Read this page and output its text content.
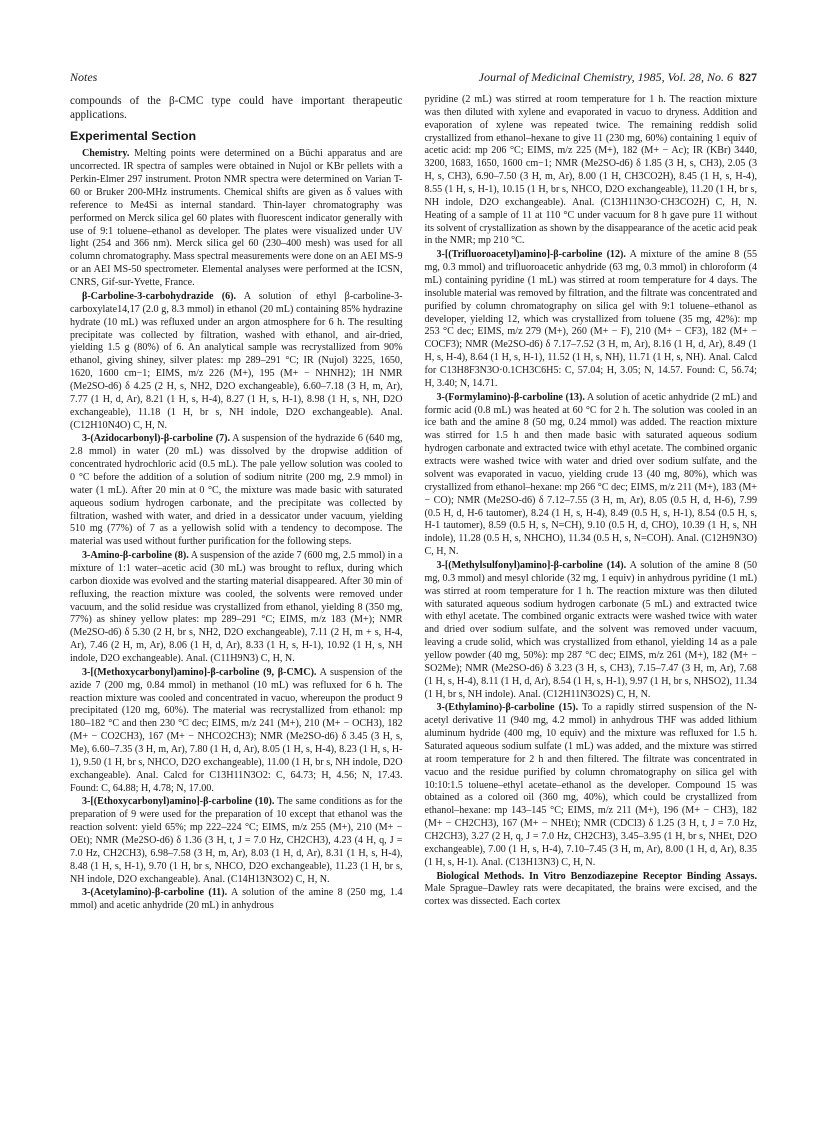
Notes	Journal of Medicinal Chemistry, 1985, Vol. 28, No. 6 827

compounds of the β-CMC type could have important therapeutic applications.

Experimental Section

Chemistry. Melting points were determined on a Büchi apparatus and are uncorrected. IR spectra of samples were obtained in Nujol or KBr pellets with a Perkin-Elmer 297 instrument. Proton NMR spectra were determined on Varian T-60 or Bruker 200-MHz instruments. Chemical shifts are given as δ values with reference to Me4Si as internal standard. Thin-layer chromatography was performed on Merck silica gel 60 plates with fluorescent indicator generally with use of 9:1 toluene–ethanol as developer. The plates were visualized under UV light (254 and 366 nm). Merck silica gel 60 (230–400 mesh) was used for all column chromatography. Mass spectral measurements were done on an AEI MS-9 or an AEI MS-50 spectrometer. Elemental analyses were performed at the ICSN, CNRS, Gif-sur-Yvette, France.

β-Carboline-3-carbohydrazide (6). A solution of ethyl β-carboline-3-carboxylate14,17 (2.0 g, 8.3 mmol) in ethanol (20 mL) containing 85% hydrazine hydrate (10 mL) was refluxed under an argon atmosphere for 6 h. The resulting precipitate was collected by filtration, washed with ethanol, and air-dried, yielding 1.5 g (80%) of 6. An analytical sample was recrystallized from 90% ethanol, giving shiney, silver plates: mp 289–291 °C; IR (Nujol) 3225, 1650, 1620, 1600 cm−1; EIMS, m/z 226 (M+), 195 (M+ − NHNH2); 1H NMR (Me2SO-d6) δ 4.25 (2 H, s, NH2, D2O exchangeable), 6.60–7.18 (3 H, m, Ar), 7.77 (1 H, d, Ar), 8.21 (1 H, s, H-4), 8.27 (1 H, s, H-1), 8.98 (1 H, s, NH, D2O exchangeable), 11.18 (1 H, br s, NH indole, D2O exchangeable). Anal. (C12H10N4O) C, H, N.

3-(Azidocarbonyl)-β-carboline (7). A suspension of the hydrazide 6 (640 mg, 2.8 mmol) in water (20 mL) was dissolved by the dropwise addition of concentrated hydrochloric acid (0.5 mL). The pale yellow solution was cooled to 0 °C before the addition of a solution of sodium nitrite (200 mg, 2.9 mmol) in water (1 mL). After 20 min at 0 °C, the mixture was made basic with saturated aqueous sodium hydrogen carbonate, and the precipitate was collected by filtration, washed with water, and dried in a dessicator under vacuum, yielding 510 mg (77%) of 7 as a yellowish solid with a tendency to decompose. The material was used without further purification for the following steps.

3-Amino-β-carboline (8). A suspension of the azide 7 (600 mg, 2.5 mmol) in a mixture of 1:1 water–acetic acid (30 mL) was brought to reflux, during which carbon dioxide was evolved and the starting material disappeared. After 30 min of refluxing, the reaction mixture was cooled, the solvents were removed under vacuum, and the solid residue was crystallized from ethanol, yielding 8 (350 mg, 77%) as shiney yellow plates: mp 289–291 °C; EIMS, m/z 183 (M+); NMR (Me2SO-d6) δ 5.30 (2 H, br s, NH2, D2O exchangeable), 7.11 (2 H, m + s, H-4, Ar), 7.46 (2 H, m, Ar), 8.06 (1 H, d, Ar), 8.33 (1 H, s, H-1), 10.92 (1 H, s, NH indole, D2O exchangeable). Anal. (C11H9N3) C, H, N.

3-[(Methoxycarbonyl)amino]-β-carboline (9, β-CMC). A suspension of the azide 7 (200 mg, 0.84 mmol) in methanol (10 mL) was refluxed for 6 h. The reaction mixture was cooled and concentrated in vacuo, whereupon the product 9 precipitated (120 mg, 60%). The material was recrystallized from ethanol: mp 180–182 °C and then 230 °C dec; EIMS, m/z 241 (M+), 210 (M+ − OCH3), 182 (M+ − CO2CH3), 167 (M+ − NHCO2CH3); NMR (Me2SO-d6) δ 3.45 (3 H, s, Me), 6.60–7.35 (3 H, m, Ar), 7.80 (1 H, d, Ar), 8.05 (1 H, s, H-4), 8.23 (1 H, s, H-1), 9.50 (1 H, br s, NHCO, D2O exchangeable), 11.00 (1 H, br s, NH indole, D2O exchangeable). Anal. Calcd for C13H11N3O2: C, 64.73; H, 4.56; N, 17.43. Found: C, 64.88; H, 4.78; N, 17.00.

3-[(Ethoxycarbonyl)amino]-β-carboline (10). The same conditions as for the preparation of 9 were used for the preparation of 10 except that ethanol was the reaction solvent: yield 65%; mp 222–224 °C; EIMS, m/z 255 (M+), 210 (M+ − OEt); NMR (Me2SO-d6) δ 1.36 (3 H, t, J = 7.0 Hz, CH2CH3), 4.23 (4 H, q, J = 7.0 Hz, CH2CH3), 6.98–7.58 (3 H, m, Ar), 8.03 (1 H, d, Ar), 8.31 (1 H, s, H-4), 8.48 (1 H, s, H-1), 9.70 (1 H, br s, NHCO, D2O exchangeable), 11.23 (1 H, br s, NH indole, D2O exchangeable). Anal. (C14H13N3O2) C, H, N.

3-(Acetylamino)-β-carboline (11). A solution of the amine 8 (250 mg, 1.4 mmol) and acetic anhydride (20 mL) in anhydrous

pyridine (2 mL) was stirred at room temperature for 1 h. The reaction mixture was then diluted with xylene and evaporated in vacuo to dryness. Addition and evaporation of xylene was repeated twice. The remaining reddish solid crystallized from ethanol–hexane to give 11 (230 mg, 60%) containing 1 equiv of acetic acid: mp 206 °C; EIMS, m/z 225 (M+), 182 (M+ − Ac); IR (KBr) 3440, 3200, 1683, 1650, 1600 cm−1; NMR (Me2SO-d6) δ 1.85 (3 H, s, CH3), 2.05 (3 H, s, CH3), 6.90–7.50 (3 H, m, Ar), 8.00 (1 H, CH3CO2H), 8.45 (1 H, s, H-4), 8.55 (1 H, s, H-1), 10.15 (1 H, br s, NHCO, D2O exchangeable), 11.20 (1 H, br s, NH indole, D2O exchangeable). Anal. (C13H11N3O·CH3CO2H) C, H, N. Heating of a sample of 11 at 110 °C under vacuum for 8 h gave pure 11 without its solvent of crystallization as shown by the disappearance of the acetic acid peak in the NMR; mp 210 °C.

3-[(Trifluoroacetyl)amino]-β-carboline (12). A mixture of the amine 8 (55 mg, 0.3 mmol) and trifluoroacetic anhydride (63 mg, 0.3 mmol) in chloroform (4 mL) containing pyridine (1 mL) was stirred at room temperature for 4 days. The insoluble material was removed by filtration, and the filtrate was concentrated and purified by column chromatography on silica gel with 9:1 toluene–ethanol as developer, yielding 12, which was crystallized from toluene (35 mg, 42%): mp 253 °C dec; EIMS, m/z 279 (M+), 260 (M+ − F), 210 (M+ − CF3), 182 (M+ − COCF3); NMR (Me2SO-d6) δ 7.17–7.52 (3 H, m, Ar), 8.16 (1 H, d, Ar), 8.49 (1 H, s, H-4), 8.64 (1 H, s, H-1), 11.52 (1 H, s, NH), 11.71 (1 H, s, NH). Anal. Calcd for C13H8F3N3O·0.1CH3C6H5: C, 57.04; H, 3.05; N, 14.57. Found: C, 56.74; H, 3.40; N, 14.71.

3-(Formylamino)-β-carboline (13). A solution of acetic anhydride (2 mL) and formic acid (0.8 mL) was heated at 60 °C for 2 h. The solution was cooled in an ice bath and the amine 8 (50 mg, 0.24 mmol) was added. The reaction mixture was stirred for 1.5 h and then made basic with saturated aqueous sodium hydrogen carbonate and extracted twice with ethyl acetate. The combined organic extracts were washed twice with water and dried over sodium sulfate, and the solvent was evaporated in vacuo, yielding crude 13 (40 mg, 80%), which was crystallized from ethanol–hexane: mp 266 °C dec; EIMS, m/z 211 (M+), 183 (M+ − CO); NMR (Me2SO-d6) δ 7.12–7.55 (3 H, m, Ar), 8.05 (0.5 H, d, H-6), 7.99 (0.5 H, d, H-6 tautomer), 8.24 (1 H, s, H-4), 8.49 (0.5 H, s, H-1), 8.54 (0.5 H, s, H-1 tautomer), 8.59 (0.5 H, s, N=CH), 9.10 (0.5 H, d, CHO), 10.39 (1 H, s, NH indole), 11.28 (0.5 H, s, NHCHO), 11.34 (0.5 H, s, N=COH). Anal. (C12H9N3O) C, H, N.

3-[(Methylsulfonyl)amino]-β-carboline (14). A solution of the amine 8 (50 mg, 0.3 mmol) and mesyl chloride (32 mg, 1 equiv) in anhydrous pyridine (1 mL) was stirred at room temperature for 1 h. The reaction mixture was then diluted with saturated aqueous sodium hydrogen carbonate (5 mL) and extracted twice with ethyl acetate. The combined organic extracts were washed twice with water and dried over sodium sulfate, and the solvent was removed under vacuum, leaving a crude solid, which was crystallized from ethanol, yielding 14 as a pale yellow powder (40 mg, 50%): mp 287 °C dec; EIMS, m/z 261 (M+), 182 (M+ − SO2Me); NMR (Me2SO-d6) δ 3.23 (3 H, s, CH3), 7.15–7.47 (3 H, m, Ar), 7.68 (1 H, s, H-4), 8.11 (1 H, d, Ar), 8.54 (1 H, s, H-1), 9.97 (1 H, br s, NHSO2), 11.34 (1 H, br s, NH indole). Anal. (C12H11N3O2S) C, H, N.

3-(Ethylamino)-β-carboline (15). To a rapidly stirred suspension of the N-acetyl derivative 11 (940 mg, 4.2 mmol) in anhydrous THF was added lithium aluminum hydride (400 mg, 10 equiv) and the mixture was refluxed for 1.5 h. Saturated aqueous sodium sulfate (1 mL) was added, and the mixture was stirred at room temperature for 2 h and then filtered. The filtrate was concentrated in vacuo and the residue purified by column chromatography on silica gel with 10:10:1.5 toluene–ethyl acetate–ethanol as the developer. Compound 15 was obtained as a colored oil (360 mg, 40%), which could be crystallized from ethanol–hexane: mp 143–145 °C; EIMS, m/z 211 (M+), 196 (M+ − CH3), 182 (M+ − CH2CH3), 167 (M+ − NHEt); NMR (CDCl3) δ 1.25 (3 H, t, J = 7.0 Hz, CH2CH3), 3.27 (2 H, q, J = 7.0 Hz, CH2CH3), 3.45–3.95 (1 H, br s, NHEt, D2O exchangeable), 7.00 (1 H, s, H-4), 7.10–7.45 (3 H, m, Ar), 8.00 (1 H, d, Ar), 8.35 (1 H, s, H-1). Anal. (C13H13N3) C, H, N.

Biological Methods. In Vitro Benzodiazepine Receptor Binding Assays. Male Sprague–Dawley rats were decapitated, the brains were excised, and the cortex was dissected. Each cortex
